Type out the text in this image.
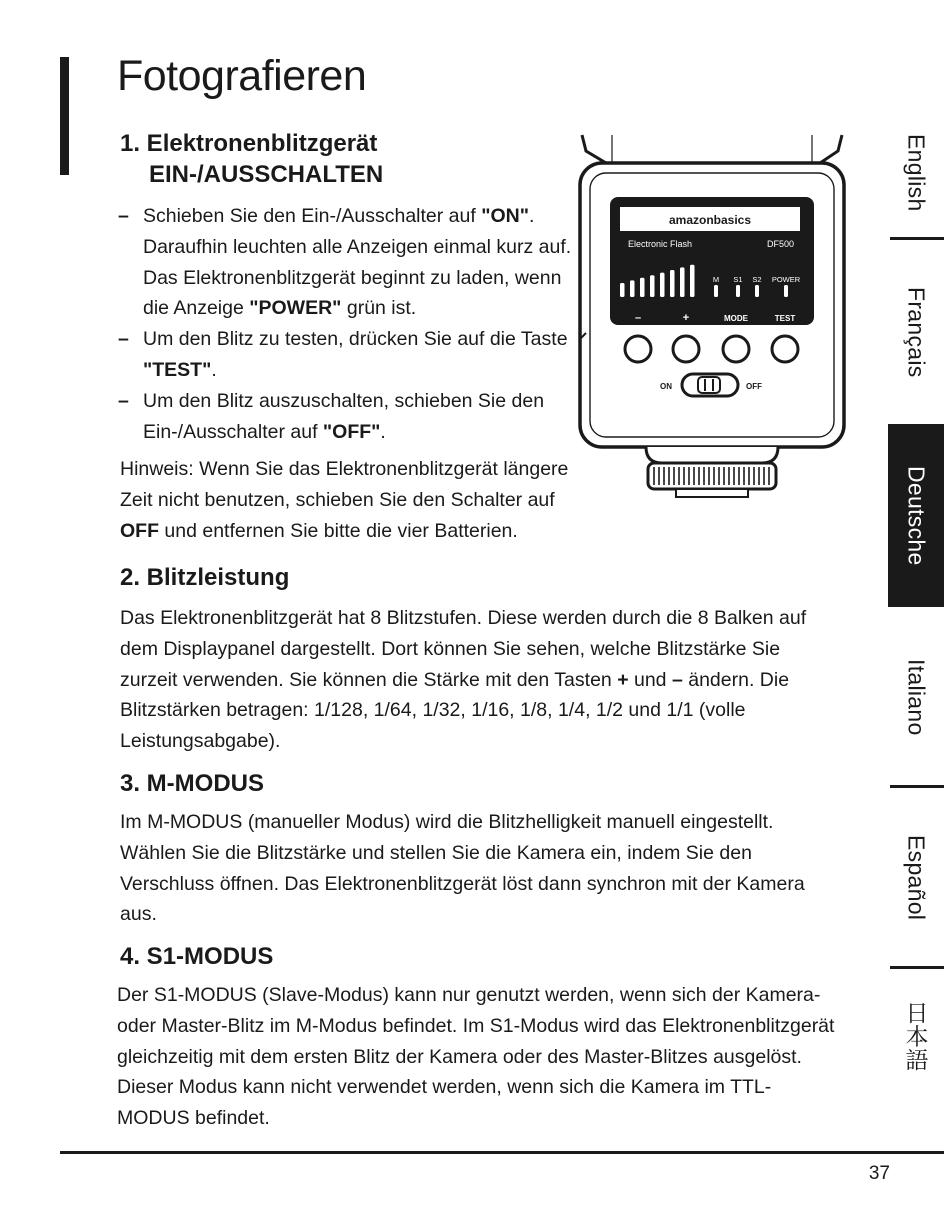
Fotografieren
1. Elektronenblitzgerät
EIN-/AUSSCHALTEN
– Schieben Sie den Ein-/Ausschalter auf "ON". Daraufhin leuchten alle Anzeigen einmal kurz auf. Das Elektronenblitzgerät beginnt zu laden, wenn die Anzeige "POWER" grün ist.
– Um den Blitz zu testen, drücken Sie auf die Taste "TEST".
– Um den Blitz auszuschalten, schieben Sie den Ein-/Ausschalter auf "OFF".

Hinweis: Wenn Sie das Elektronenblitzgerät längere Zeit nicht benutzen, schieben Sie den Schalter auf OFF und entfernen Sie bitte die vier Batterien.

amazonbasics
Electronic Flash	DF500
M S1 S2 POWER
–	+	MODE	TEST
ON	OFF
2. Blitzleistung

Das Elektronenblitzgerät hat 8 Blitzstufen. Diese werden durch die 8 Balken auf dem Displaypanel dargestellt. Dort können Sie sehen, welche Blitzstärke Sie zurzeit verwenden. Sie können die Stärke mit den Tasten + und – ändern. Die Blitzstärken betragen: 1/128, 1/64, 1/32, 1/16, 1/8, 1/4, 1/2 und 1/1 (volle Leistungsabgabe).

3. M-MODUS

Im M-MODUS (manueller Modus) wird die Blitzhelligkeit manuell eingestellt. Wählen Sie die Blitzstärke und stellen Sie die Kamera ein, indem Sie den Verschluss öffnen. Das Elektronenblitzgerät löst dann synchron mit der Kamera aus.

4. S1-MODUS

Der S1-MODUS (Slave-Modus) kann nur genutzt werden, wenn sich der Kamera- oder Master-Blitz im M-Modus befindet. Im S1-Modus wird das Elektronenblitzgerät gleichzeitig mit dem ersten Blitz der Kamera oder des Master-Blitzes ausgelöst. Dieser Modus kann nicht verwendet werden, wenn sich die Kamera im TTL-MODUS befindet.

English
Français
Deutsche
Italiano
Español
日本語
37
